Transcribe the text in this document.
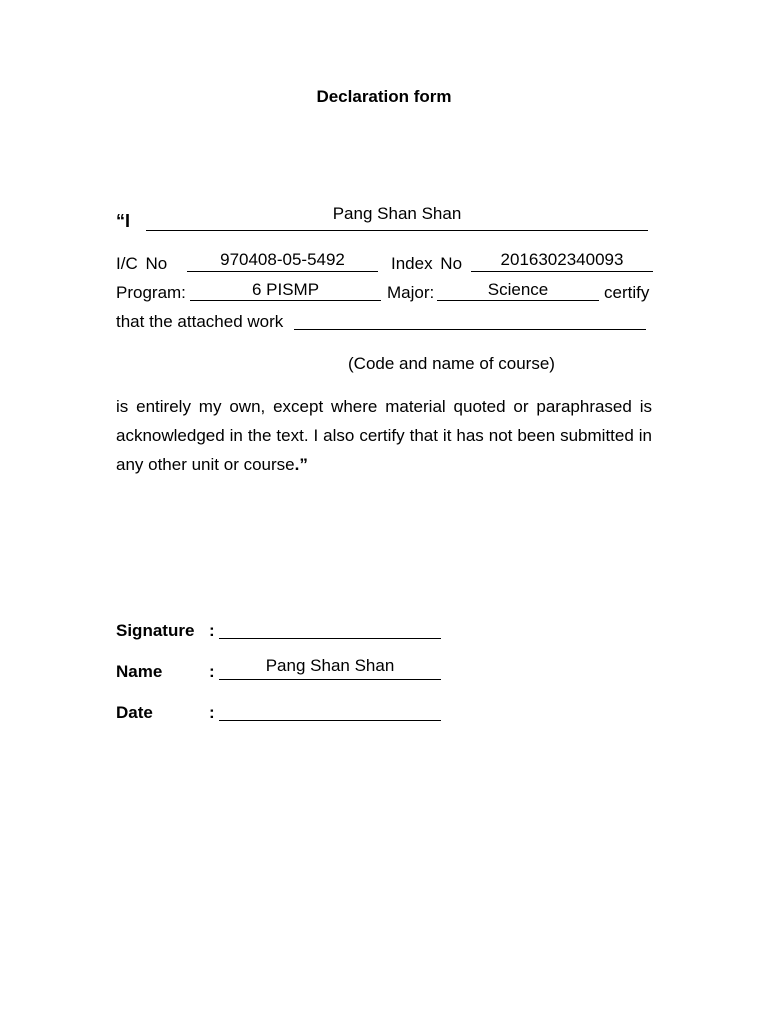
Declaration form
“I	Pang Shan Shan
I/C No	970408-05-5492	Index No	2016302340093
Program:	6 PISMP	Major:	Science	certify
that the attached work
(Code and name of course)
is entirely my own, except where material quoted or paraphrased is acknowledged in the text. I also certify that it has not been submitted in any other unit or course.”
Signature :
Name	:	Pang Shan Shan
Date	:
